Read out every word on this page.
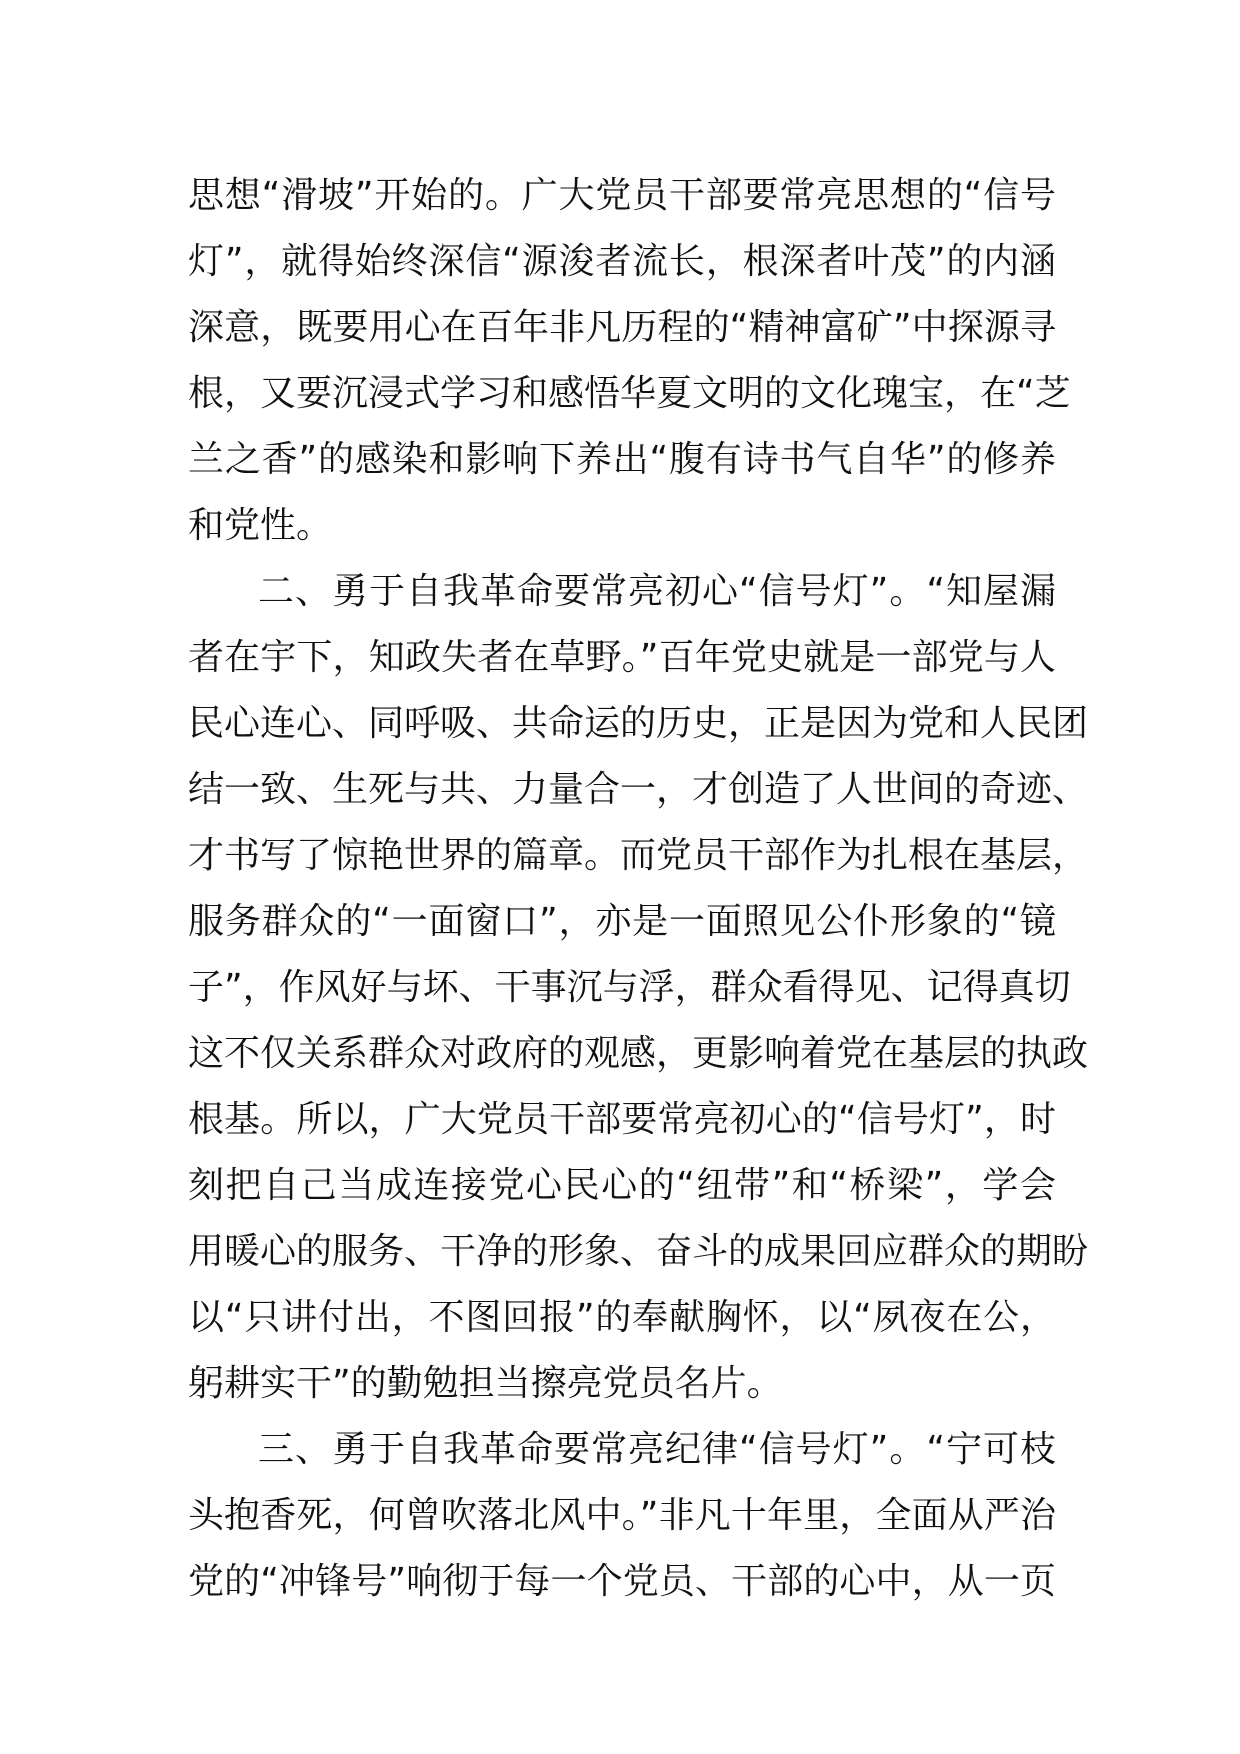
思想“滑坡”开始的。广大党员干部要常亮思想的“信号
灯”，就得始终深信“源浚者流长，根深者叶茂”的内涵
深意，既要用心在百年非凡历程的“精神富矿”中探源寻
根，又要沉浸式学习和感悟华夏文明的文化瑰宝，在“芝
兰之香”的感染和影响下养出“腹有诗书气自华”的修养
和党性。
二、勇于自我革命要常亮初心“信号灯”。“知屋漏
者在宇下，知政失者在草野。”百年党史就是一部党与人
民心连心、同呼吸、共命运的历史，正是因为党和人民团
结一致、生死与共、力量合一，才创造了人世间的奇迹、
才书写了惊艳世界的篇章。而党员干部作为扎根在基层，
服务群众的“一面窗口”，亦是一面照见公仆形象的“镜
子”，作风好与坏、干事沉与浮，群众看得见、记得真切
这不仅关系群众对政府的观感，更影响着党在基层的执政
根基。所以，广大党员干部要常亮初心的“信号灯”，时
刻把自己当成连接党心民心的“纽带”和“桥梁”，学会
用暖心的服务、干净的形象、奋斗的成果回应群众的期盼
以“只讲付出，不图回报”的奉献胸怀，以“夙夜在公，
躬耕实干”的勤勉担当擦亮党员名片。
三、勇于自我革命要常亮纪律“信号灯”。“宁可枝
头抱香死，何曾吹落北风中。”非凡十年里，全面从严治
党的“冲锋号”响彻于每一个党员、干部的心中，从一页
